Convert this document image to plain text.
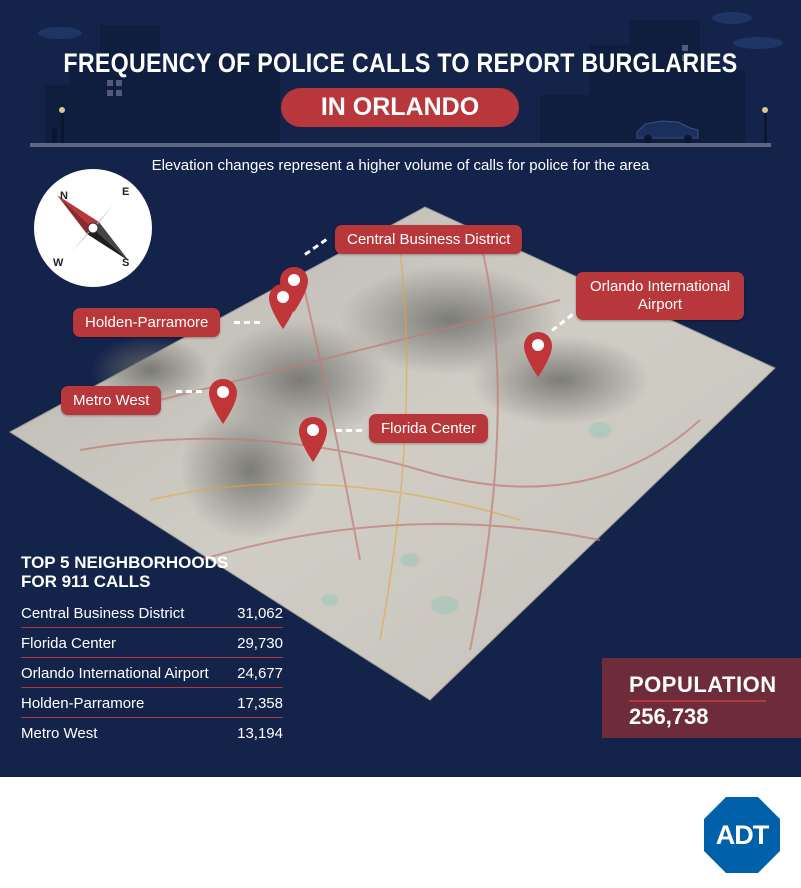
FREQUENCY OF POLICE CALLS TO REPORT BURGLARIES
IN ORLANDO
Elevation changes represent a higher volume of calls for police for the area
N	E
S
W
Central Business District
Holden-Parramore
Orlando International Airport
Metro West
Florida Center
TOP 5 NEIGHBORHOODS
FOR 911 CALLS
Central Business District	31,062
Florida Center	29,730
Orlando International Airport 24,677
Holden-Parramore	17,358
Metro West	13,194
POPULATION
256,738
ADT
